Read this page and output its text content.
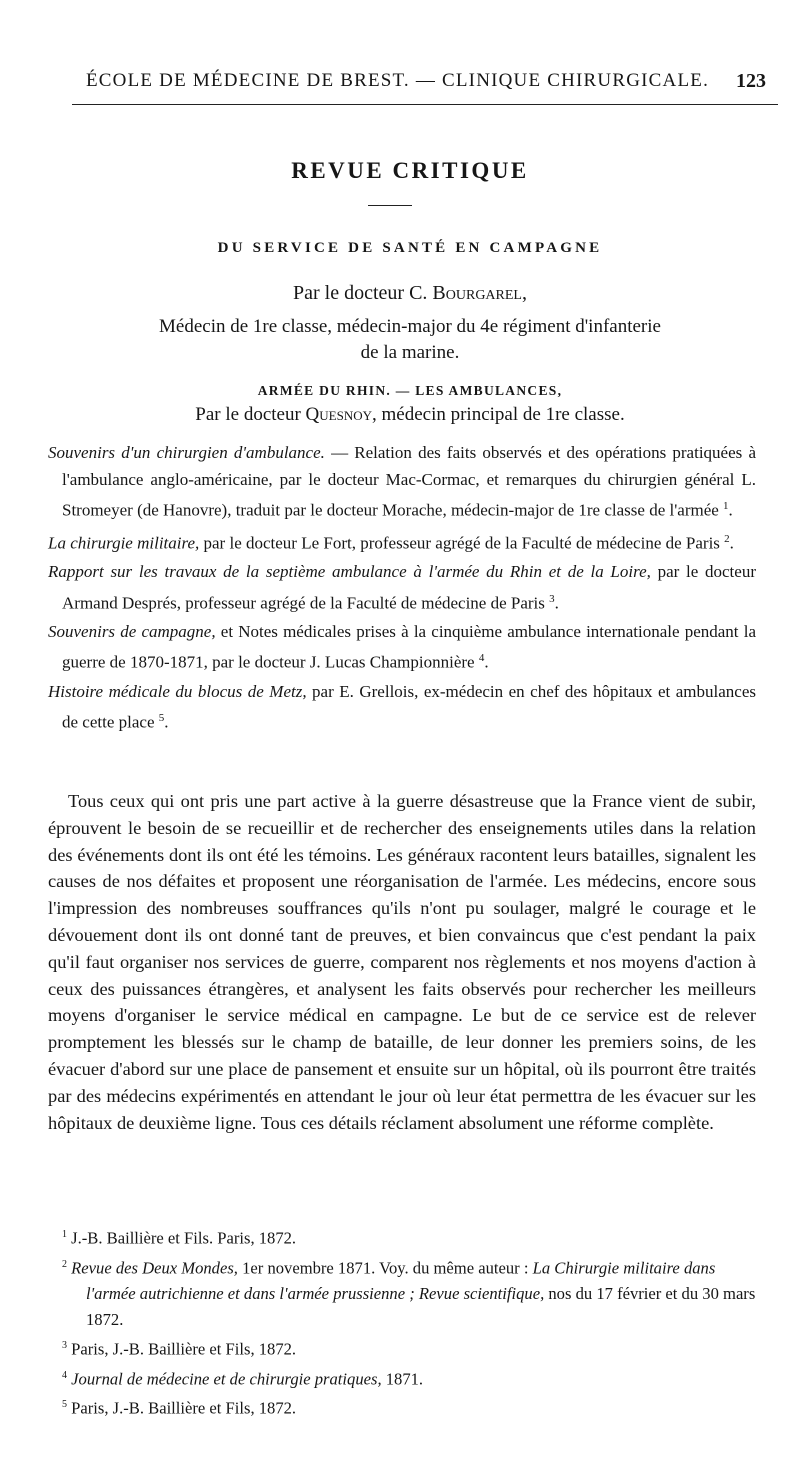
ÉCOLE DE MÉDECINE DE BREST. — CLINIQUE CHIRURGICALE. 123
REVUE CRITIQUE
DU SERVICE DE SANTÉ EN CAMPAGNE
Par le docteur C. Bourgarel,
Médecin de 1re classe, médecin-major du 4e régiment d'infanterie
de la marine.
ARMÉE DU RHIN. — LES AMBULANCES,
Par le docteur Quesnoy, médecin principal de 1re classe.

Souvenirs d'un chirurgien d'ambulance. — Relation des faits observés et des opérations pratiquées à l'ambulance anglo-américaine, par le docteur Mac-Cormac, et remarques du chirurgien général L. Stromeyer (de Hanovre), traduit par le docteur Morache, médecin-major de 1re classe de l'armée $^1$.

La chirurgie militaire, par le docteur Le Fort, professeur agrégé de la Faculté de médecine de Paris $^2$.

Rapport sur les travaux de la septième ambulance à l'armée du Rhin et de la Loire, par le docteur Armand Després, professeur agrégé de la Faculté de médecine de Paris $^3$.

Souvenirs de campagne, et Notes médicales prises à la cinquième ambulance internationale pendant la guerre de 1870-1871, par le docteur J. Lucas Championnière $^4$.

Histoire médicale du blocus de Metz, par E. Grellois, ex-médecin en chef des hôpitaux et ambulances de cette place $^5$.

Tous ceux qui ont pris une part active à la guerre désastreuse que la France vient de subir, éprouvent le besoin de se recueillir et de rechercher des enseignements utiles dans la relation des événements dont ils ont été les témoins. Les généraux racontent leurs batailles, signalent les causes de nos défaites et proposent une réorganisation de l'armée. Les médecins, encore sous l'impression des nombreuses souffrances qu'ils n'ont pu soulager, malgré le courage et le dévouement dont ils ont donné tant de preuves, et bien convaincus que c'est pendant la paix qu'il faut organiser nos services de guerre, comparent nos règlements et nos moyens d'action à ceux des puissances étrangères, et analysent les faits observés pour rechercher les meilleurs moyens d'organiser le service médical en campagne. Le but de ce service est de relever promptement les blessés sur le champ de bataille, de leur donner les premiers soins, de les évacuer d'abord sur une place de pansement et ensuite sur un hôpital, où ils pourront être traités par des médecins expérimentés en attendant le jour où leur état permettra de les évacuer sur les hôpitaux de deuxième ligne. Tous ces détails réclament absolument une réforme complète.

$^1$ J.-B. Baillière et Fils. Paris, 1872.

$^2$ Revue des Deux Mondes, 1er novembre 1871. Voy. du même auteur : La Chirurgie militaire dans l'armée autrichienne et dans l'armée prussienne ; Revue scientifique, nos du 17 février et du 30 mars 1872.

$^3$ Paris, J.-B. Baillière et Fils, 1872.

$^4$ Journal de médecine et de chirurgie pratiques, 1871.

$^5$ Paris, J.-B. Baillière et Fils, 1872.
